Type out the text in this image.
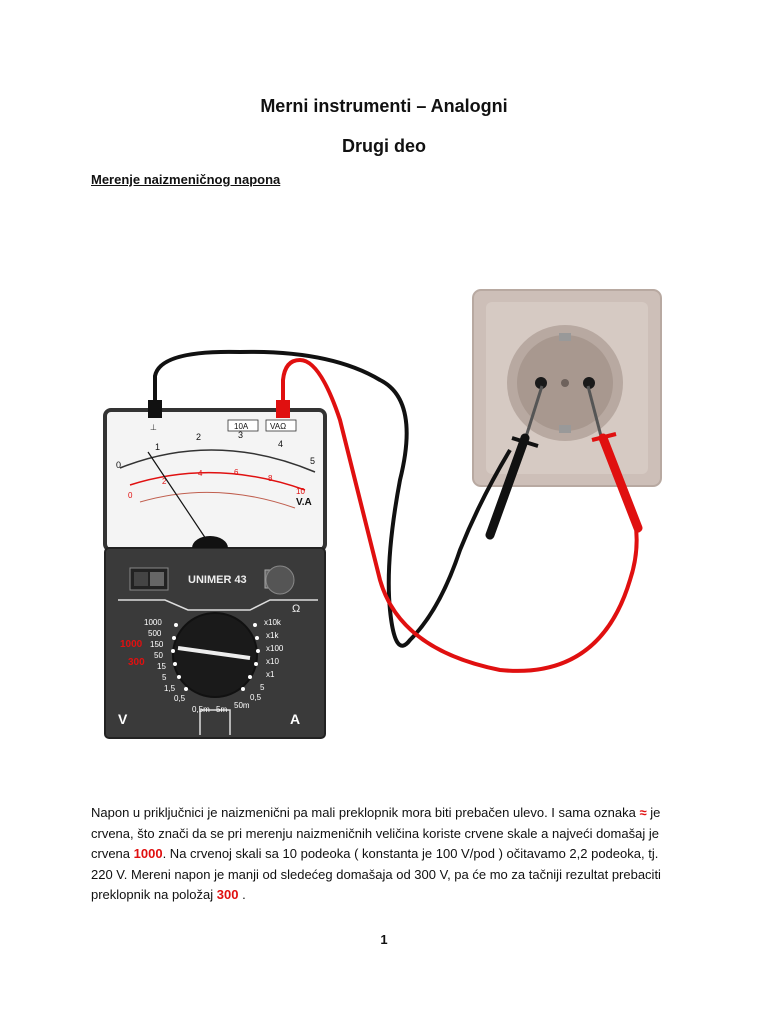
Merni instrumenti – Analogni
Drugi deo
Merenje naizmeničnog napona
⊥	10A	VAΩ
0
1
2	3
4
5
0
2
4	6
8
10
V.A
UNIMER 43
Ω
1000
500
150
50
15
5
1,5
0,5
1000
300
x10k
x1k
x100
x10
x1
5
0,5
50m
5m
0,5m
V	A
Napon u priključnici je naizmenični pa mali preklopnik mora biti prebačen ulevo. I sama oznaka ≈ je crvena, što znači da se pri merenju naizmeničnih veličina koriste crvene skale a najveći domašaj je crvena 1000. Na crvenoj skali sa 10 podeoka ( konstanta je 100 V/pod ) očitavamo 2,2 podeoka, tj. 220 V. Mereni napon je manji od sledećeg domašaja od 300 V, pa će mo za tačniji rezultat prebaciti preklopnik na položaj 300 .
1
